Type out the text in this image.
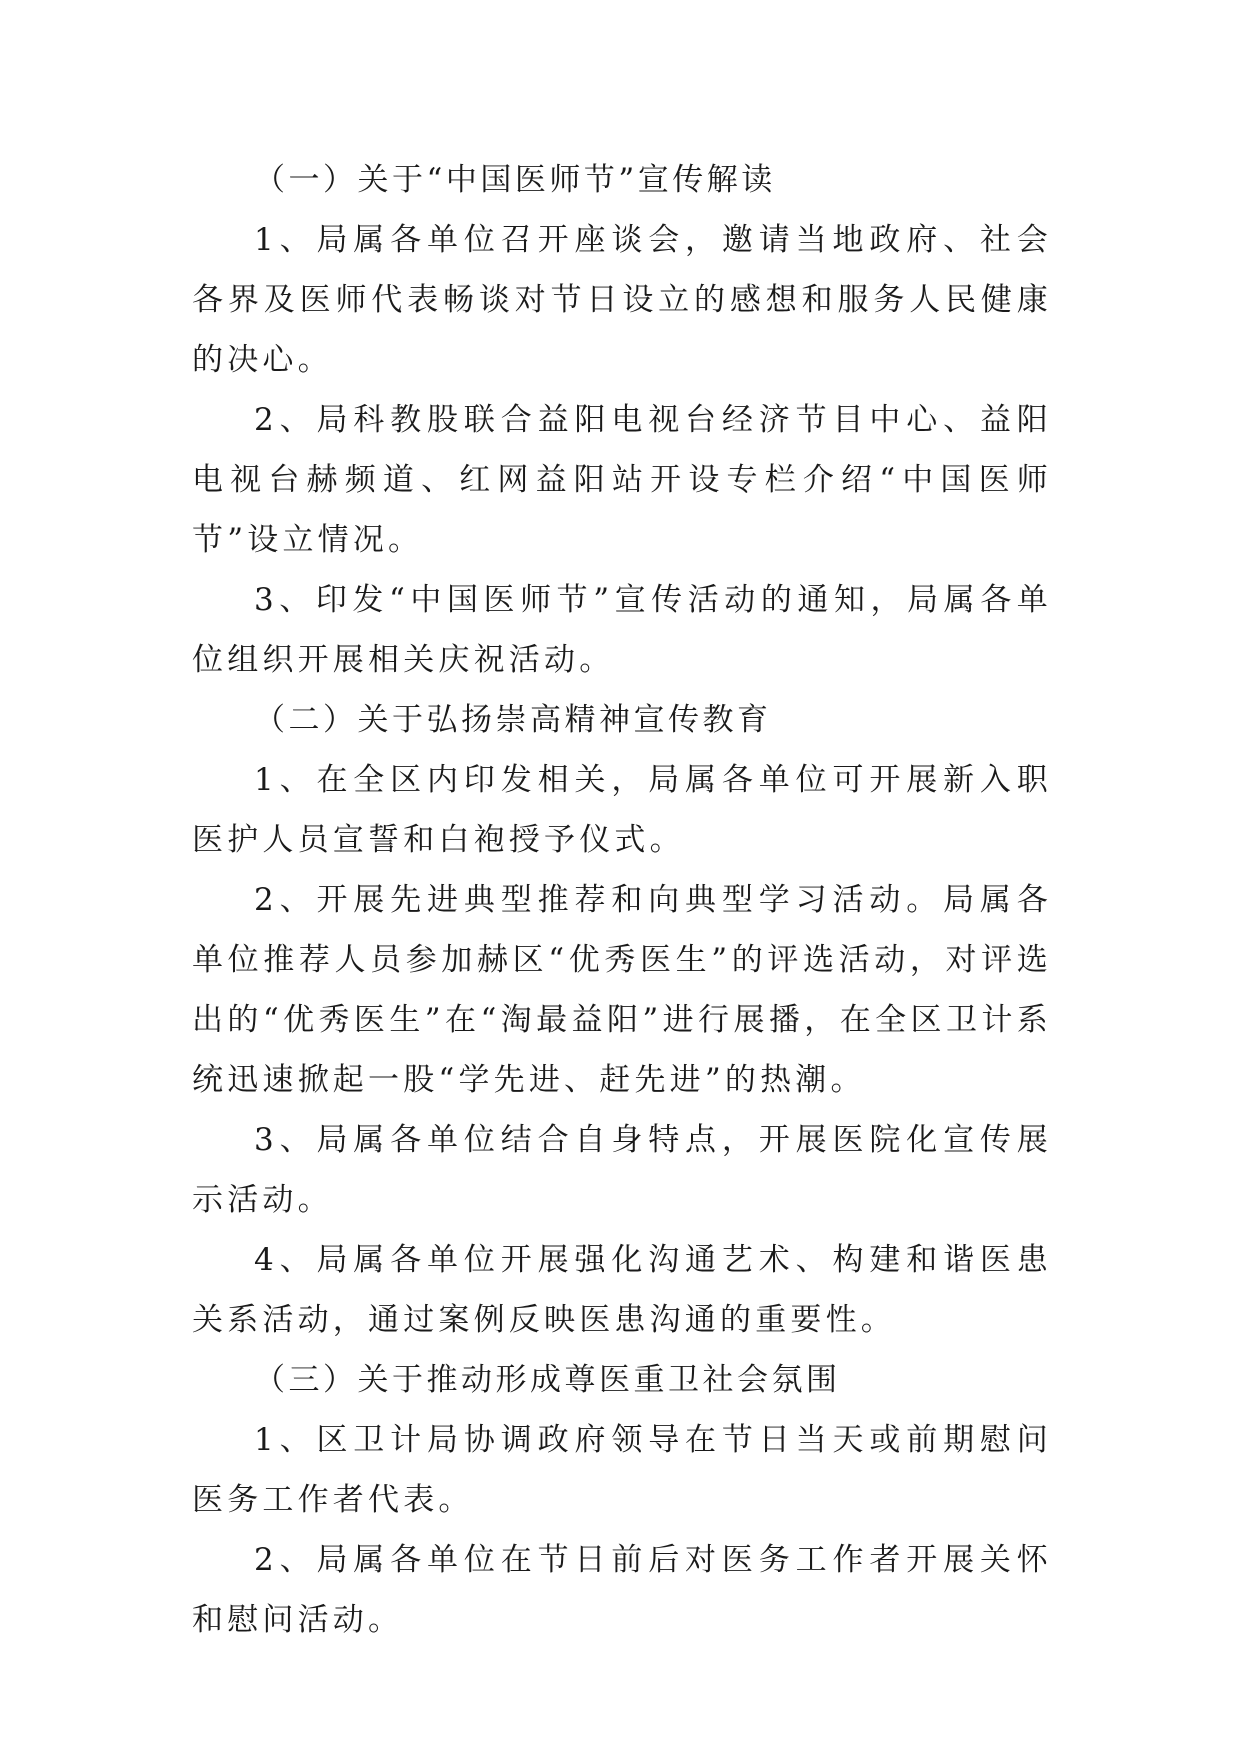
（一）关于“中国医师节”宣传解读

1、局属各单位召开座谈会，邀请当地政府、社会各界及医师代表畅谈对节日设立的感想和服务人民健康的决心。

2、局科教股联合益阳电视台经济节目中心、益阳电视台赫频道、红网益阳站开设专栏介绍“中国医师节”设立情况。

3、印发“中国医师节”宣传活动的通知，局属各单位组织开展相关庆祝活动。

（二）关于弘扬崇高精神宣传教育

1、在全区内印发相关，局属各单位可开展新入职医护人员宣誓和白袍授予仪式。

2、开展先进典型推荐和向典型学习活动。局属各单位推荐人员参加赫区“优秀医生”的评选活动，对评选出的“优秀医生”在“淘最益阳”进行展播，在全区卫计系统迅速掀起一股“学先进、赶先进”的热潮。

3、局属各单位结合自身特点，开展医院化宣传展示活动。

4、局属各单位开展强化沟通艺术、构建和谐医患关系活动，通过案例反映医患沟通的重要性。

（三）关于推动形成尊医重卫社会氛围

1、区卫计局协调政府领导在节日当天或前期慰问医务工作者代表。

2、局属各单位在节日前后对医务工作者开展关怀和慰问活动。
